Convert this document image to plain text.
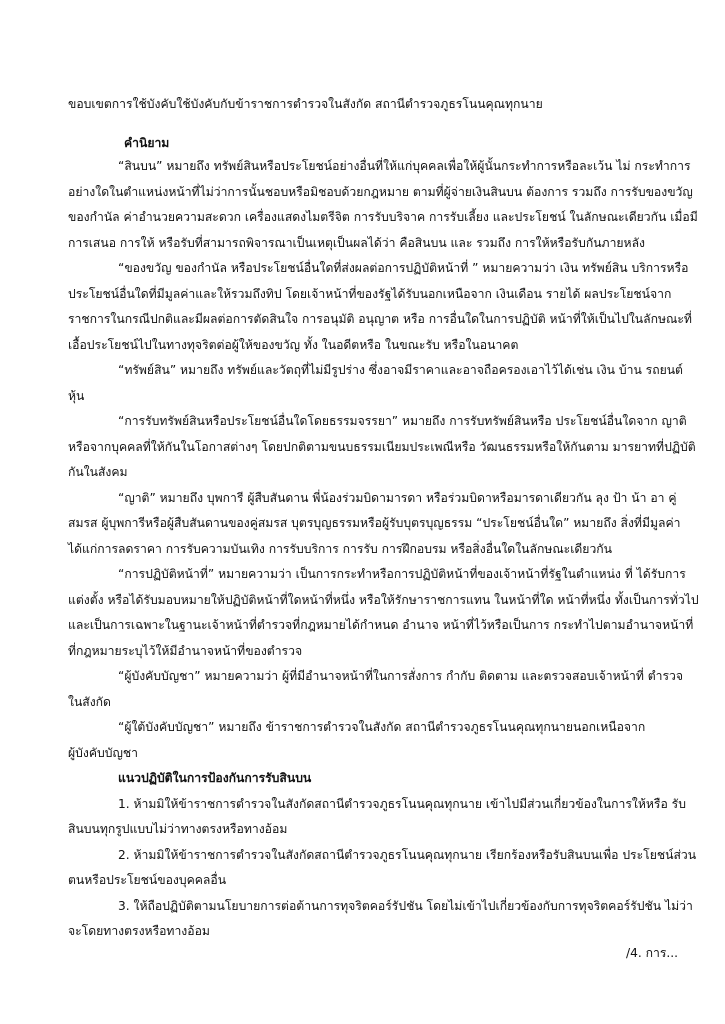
ขอบเขตการใช้บังคับใช้บังคับกับข้าราชการตำรวจในสังกัด สถานีตำรวจภูธรโนนคุณทุกนาย
คำนิยาม
“สินบน” หมายถึง ทรัพย์สินหรือประโยชน์อย่างอื่นที่ให้แก่บุคคลเพื่อให้ผู้นั้นกระทำการหรือละเว้น ไม่ กระทำการ
อย่างใดในตำแหน่งหน้าที่ไม่ว่าการนั้นชอบหรือมิชอบด้วยกฎหมาย ตามที่ผู้จ่ายเงินสินบน ต้องการ รวมถึง การรับของขวัญ
ของกำนัล ค่าอำนวยความสะดวก เครื่องแสดงไมตรีจิต การรับบริจาค การรับเลี้ยง และประโยชน์ ในลักษณะเดียวกัน เมื่อมี
การเสนอ การให้ หรือรับที่สามารถพิจารณาเป็นเหตุเป็นผลได้ว่า คือสินบน และ รวมถึง การให้หรือรับกันภายหลัง
“ของขวัญ ของกำนัล หรือประโยชน์อื่นใดที่ส่งผลต่อการปฏิบัติหน้าที่ ” หมายความว่า เงิน ทรัพย์สิน บริการหรือ
ประโยชน์อื่นใดที่มีมูลค่าและให้รวมถึงทิป โดยเจ้าหน้าที่ของรัฐได้รับนอกเหนือจาก เงินเดือน รายได้ ผลประโยชน์จาก
ราชการในกรณีปกติและมีผลต่อการตัดสินใจ การอนุมัติ อนุญาต หรือ การอื่นใดในการปฏิบัติ หน้าที่ให้เป็นไปในลักษณะที่
เอื้อประโยชน์ไปในทางทุจริตต่อผู้ให้ของขวัญ ทั้ง ในอดีตหรือ ในขณะรับ หรือในอนาคต
“ทรัพย์สิน” หมายถึง ทรัพย์และวัตถุที่ไม่มีรูปร่าง ซึ่งอาจมีราคาและอาจถือครองเอาไว้ได้เช่น เงิน บ้าน รถยนต์
หุ้น
“การรับทรัพย์สินหรือประโยชน์อื่นใดโดยธรรมจรรยา” หมายถึง การรับทรัพย์สินหรือ ประโยชน์อื่นใดจาก ญาติ
หรือจากบุคคลที่ให้กันในโอกาสต่างๆ โดยปกติตามขนบธรรมเนียมประเพณีหรือ วัฒนธรรมหรือให้กันตาม มารยาทที่ปฏิบัติ
กันในสังคม
“ญาติ” หมายถึง บุพการี ผู้สืบสันดาน พี่น้องร่วมบิดามารดา หรือร่วมบิดาหรือมารดาเดียวกัน ลุง ป้า น้า อา คู่
สมรส ผู้บุพการีหรือผู้สืบสันดานของคู่สมรส บุตรบุญธรรมหรือผู้รับบุตรบุญธรรม “ประโยชน์อื่นใด” หมายถึง สิ่งที่มีมูลค่า
ได้แก่การลดราคา การรับความบันเทิง การรับบริการ การรับ การฝึกอบรม หรือสิ่งอื่นใดในลักษณะเดียวกัน
“การปฏิบัติหน้าที่” หมายความว่า เป็นการกระทำหรือการปฏิบัติหน้าที่ของเจ้าหน้าที่รัฐในตำแหน่ง ที่ ได้รับการ
แต่งตั้ง หรือได้รับมอบหมายให้ปฏิบัติหน้าที่ใดหน้าที่หนึ่ง หรือให้รักษาราชการแทน ในหน้าที่ใด หน้าที่หนึ่ง ทั้งเป็นการทั่วไป
และเป็นการเฉพาะในฐานะเจ้าหน้าที่ตำรวจที่กฎหมายได้กำหนด อำนาจ หน้าที่ไว้หรือเป็นการ กระทำไปตามอำนาจหน้าที่
ที่กฎหมายระบุไว้ให้มีอำนาจหน้าที่ของตำรวจ
“ผู้บังคับบัญชา” หมายความว่า ผู้ที่มีอำนาจหน้าที่ในการสั่งการ กำกับ ติดตาม และตรวจสอบเจ้าหน้าที่ ตำรวจ
ในสังกัด
“ผู้ใต้บังคับบัญชา” หมายถึง ข้าราชการตำรวจในสังกัด สถานีตำรวจภูธรโนนคุณทุกนายนอกเหนือจาก
ผู้บังคับบัญชา
แนวปฏิบัติในการป้องกันการรับสินบน
1. ห้ามมิให้ข้าราชการตำรวจในสังกัดสถานีตำรวจภูธรโนนคุณทุกนาย เข้าไปมีส่วนเกี่ยวข้องในการให้หรือ รับ
สินบนทุกรูปแบบไม่ว่าทางตรงหรือทางอ้อม
2. ห้ามมิให้ข้าราชการตำรวจในสังกัดสถานีตำรวจภูธรโนนคุณทุกนาย เรียกร้องหรือรับสินบนเพื่อ ประโยชน์ส่วน
ตนหรือประโยชน์ของบุคคลอื่น
3. ให้ถือปฏิบัติตามนโยบายการต่อต้านการทุจริตคอร์รัปชัน โดยไม่เข้าไปเกี่ยวข้องกับการทุจริตคอร์รัปชัน ไม่ว่า
จะโดยทางตรงหรือทางอ้อม
/4. การ...
